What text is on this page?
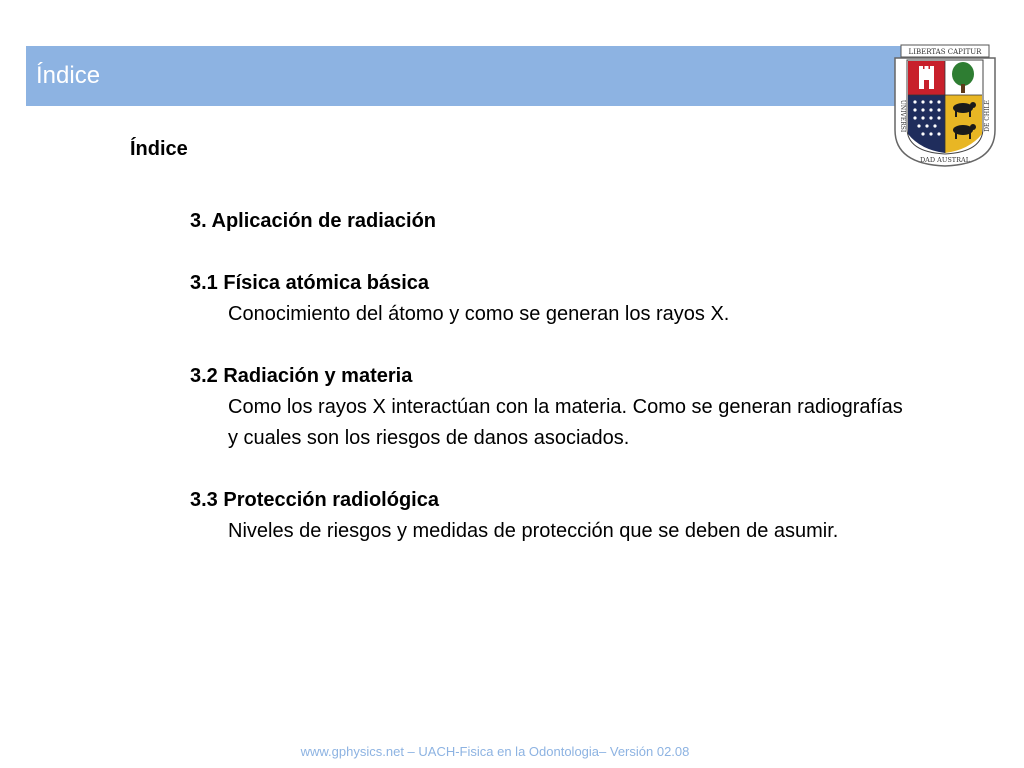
Índice
LIBERTAS CAPITUR
UNIVERSI
DAD AUSTRAL
DE CHILE
Índice
3. Aplicación de radiación
3.1 Física atómica básica
Conocimiento del átomo y como se generan los rayos X.
3.2 Radiación y materia
Como los rayos X interactúan con la materia. Como se generan radiografías y cuales son los riesgos de danos asociados.
3.3 Protección radiológica
Niveles de riesgos y medidas de protección que se deben de asumir.
www.gphysics.net – UACH-Fisica en la Odontologia– Versión 02.08
